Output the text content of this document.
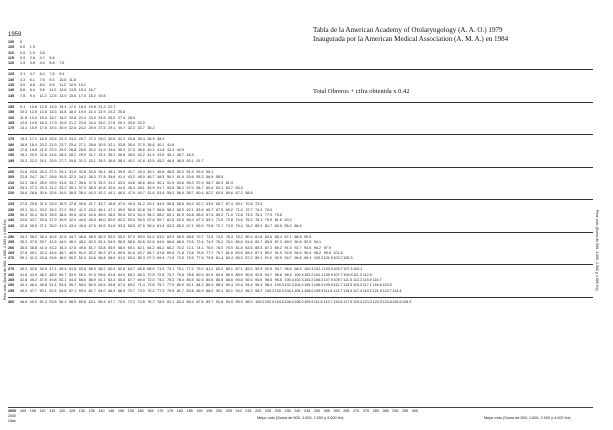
1959
Tabla de la American Academy of Otolaryngology (A. A. O.) 1979
Inaugurada por la American Medical Association (A. M. A.) en 1984
Total Obreros + cifra obtenida x 0.42
100	0
105	0.0	1.9
110	0.0	1.9	3.8
115	0.9	2.8	4.7	5.6
120	1.9	3.8	4.4	5.8	7.5
125	3.1	4.7	6.0	7.8	9.4
130	4.3	6.1	7.6	9.3	10.8 11.8
135	5.0	6.8	8.0	9.6	11.2 12.9 14.1
140	6.6	8.4	9.8	11.0 12.6 13.8 15.4 16.7
145	7.8	9.4	11.2 12.6 13.9 15.6 17.0 18.2 19.8
150	9.1	10.8 12.5 13.9 15.4 17.0 18.4 19.8 21.3 22.7
155	10.3 12.0 13.8 15.3 16.8 18.4 19.9 21.4 22.9 24.3 25.8
160	11.6 13.4 15.0 16.7 18.2 19.8 21.4 23.0 24.5 26.0 27.4 28.9
165	12.8 14.5 16.3 17.9 19.6 21.2 22.8 24.4 26.0 27.6 29.1 30.6 32.0
170	14.1 15.9 17.6 19.3 20.9 22.6 24.2 25.9 27.5 29.1 30.7 32.2 33.7 35.2
175	15.3 17.1 18.9 20.6 22.3 24.0 25.7 27.3 29.0 30.6 32.2 33.8 35.4 36.9 38.4
180	16.6 18.4 20.2 21.9 23.7 25.4 27.1 28.8 30.5 32.1 33.8 35.4 37.0 38.6 40.1 41.6
185	17.8 19.6 21.5 23.3 25.0 26.8 28.5 30.2 31.9 33.6 35.3 37.0 38.6 40.2 41.8 43.4 44.9
190	19.1 20.9 22.8 24.6 26.4 28.2 29.9 31.7 33.4 35.1 36.8 38.5 40.2 41.9 43.5 45.1 46.7 48.3
195	20.3 22.2 24.1 25.9 27.7 29.6 31.3 33.1 34.9 36.6 38.4 40.1 41.8 43.5 45.2 46.9 48.5 50.1 51.7
200	21.6 23.5 25.4 27.3 29.1 31.0 32.8 34.6 36.4 38.1 39.9 41.7 43.4 45.1 46.8 48.5 50.2 51.9 53.5 55.1
205	22.8 24.7 26.7 28.6 30.5 32.3 34.2 36.0 37.8 39.6 41.4 43.2 45.0 46.7 48.5 50.2 51.9 53.6 55.3 56.9 58.5
210	24.1 26.0 28.0 29.9 31.8 33.7 35.6 37.5 39.3 41.2 43.0 44.8 46.6 48.4 50.1 51.9 53.6 55.3 57.0 58.7 60.3 61.9
215	25.3 27.3 29.3 31.2 33.2 35.1 37.0 38.9 40.8 42.6 44.5 46.3 48.1 49.9 51.7 53.5 55.2 57.0 58.7 60.4 62.1 63.7 65.3
220	26.6 28.6 30.6 32.6 34.5 36.5 38.4 40.3 42.2 44.1 46.0 47.9 49.7 51.6 53.4 55.2 56.9 58.7 60.4 62.2 63.9 65.6 67.2 68.8
225	27.8 29.8 31.9 33.9 35.9 37.8 39.8 41.7 43.7 45.6 47.5 49.4 51.2 53.1 54.9 56.8 58.6 60.4 62.2 63.9 65.7 67.4 69.1 70.8 72.4
230	29.1 31.1 33.2 35.2 37.2 39.2 41.2 43.2 45.1 47.1 49.0 50.9 52.8 54.7 56.6 58.4 60.3 62.1 63.9 65.7 67.5 69.2 71.0 72.7 74.4 76.0
235	30.3 32.4 34.5 36.5 38.6 40.6 42.6 44.6 46.6 48.5 50.5 52.4 54.4 56.3 58.2 60.1 61.9 63.8 65.6 67.4 69.2 71.0 72.8 74.5 76.2 77.9 79.6
240	31.6 33.7 35.8 37.9 39.9 42.0 44.0 46.0 48.0 50.0 52.0 53.9 55.9 57.8 59.7 61.6 63.5 65.4 67.3 69.1 71.0 72.8 74.6 76.4 78.1 79.9 81.6 83.2
245	32.8 35.0 37.1 39.2 41.3 43.4 45.4 47.5 49.5 51.5 53.5 55.5 57.5 59.4 61.4 63.3 65.2 67.1 69.0 70.8 72.7 74.5 76.4 78.2 80.0 81.7 83.5 85.2 86.8
250	34.1 36.2 38.4 40.5 42.6 44.7 46.8 48.9 50.9 53.0 55.0 57.0 59.0 61.0 63.0 64.9 66.9 68.8 70.7 72.6 74.5 76.3 78.2 80.0 81.8 83.6 85.4 87.1 88.8 90.5
255	35.3 37.5 39.7 41.8 44.0 46.1 48.2 50.3 52.4 54.5 56.5 58.6 60.6 62.6 64.6 66.6 68.5 70.5 72.4 74.3 76.2 78.1 80.0 81.8 83.7 85.5 87.3 89.0 90.8 92.5 94.1
260	36.6 38.8 41.0 43.2 45.3 47.5 49.6 51.7 53.8 55.9 58.0 60.1 62.1 64.2 66.2 68.2 70.2 72.1 74.1 76.0 78.0 79.9 81.8 83.6 85.5 87.3 89.2 91.0 92.7 94.5 96.2 97.9
265	37.8 40.1 42.3 44.5 46.7 48.9 51.0 53.2 55.3 57.4 59.5 61.6 63.7 65.7 67.8 69.8 71.8 73.8 75.8 77.7 79.7 81.6 83.5 85.4 87.3 89.2 91.0 92.8 94.6 96.4 98.2 99.9 101.6
270	39.1 41.3 43.6 45.8 48.0 50.2 52.4 54.6 56.8 58.9 61.0 63.2 65.3 67.3 69.4 71.5 73.5 75.5 77.5 79.5 81.4 83.4 85.3 87.2 89.1 91.0 92.9 94.7 96.6 98.4 100.2 101.9 103.7 105.3
275	40.3 42.6 44.9 47.1 49.4 51.6 53.8 56.0 58.2 60.4 62.5 64.7 66.8 68.9 71.0 73.1 75.1 77.2 79.2 81.2 83.2 85.1 87.1 89.0 90.9 92.9 94.7 96.6 98.5 100.3 102.1 103.9 105.7 107.4 109.1
280	41.6 43.9 46.2 48.5 50.7 53.0 55.2 57.4 59.6 61.8 64.0 66.2 68.3 70.5 72.6 74.7 76.8 78.8 80.9 82.9 84.9 86.9 88.9 90.8 92.8 94.7 96.6 98.5 100.4 102.2 104.1 105.9 107.7 109.5 111.2 112.9
285	42.8 45.2 47.5 49.8 52.1 54.4 56.6 58.9 61.1 63.3 65.5 67.7 69.9 72.0 74.2 76.3 78.4 80.5 82.5 84.6 86.6 88.6 90.6 92.6 94.6 96.5 98.5 100.4 102.3 104.2 106.0 107.9 109.7 111.5 113.3 115.0 116.7
290	44.1 46.4 48.8 51.1 53.4 55.7 58.0 60.3 62.5 64.8 67.0 69.2 71.4 73.6 75.7 77.9 80.0 82.1 84.2 86.3 88.3 90.4 92.4 94.4 96.4 98.4 100.3 102.3 104.2 106.1 108.0 109.9 111.7 113.5 115.3 117.1 118.8 120.5
295	45.3 47.7 50.1 52.4 54.8 57.1 59.4 61.7 64.0 66.3 68.5 70.7 73.0 75.2 77.3 79.5 81.7 83.8 85.9 88.0 90.1 92.1 94.2 96.2 98.2 100.2 102.2 104.1 106.1 108.0 109.9 111.8 113.7 115.5 117.4 119.2 121.0 122.7 124.4
300	46.6 49.0 51.4 53.8 56.1 58.5 60.8 63.1 65.4 67.7 70.0 72.2 74.5 76.7 78.9 81.1 83.3 85.4 87.6 89.7 91.8 93.9 95.9 98.0 100.0 102.0 104.0 106.0 108.0 109.9 111.8 113.7 115.6 117.5 119.4 121.2 123.0 124.8 126.6 128.3
2000	100 105 110	115	120 125 130 135 140 145 150 155 160 165 170 175 180 185 190 195 200 205 210 215 220 225 230 235 240 245 250 255 260 265 270 275 280 285 290 295 300
2000
Oido
Mejor oído (Suma de 500, 1.000, 2.000 y 4.000 Hz)	Mejor oído (Suma de 500, 1.000, 2.000 y 4.000 Hz)
Peor oído (Suma de 500, 1.000, 2.000 y 4.000 Hz)	Peor oído (Suma de 500, 1.000, 2.000 y 4.000 Hz)
